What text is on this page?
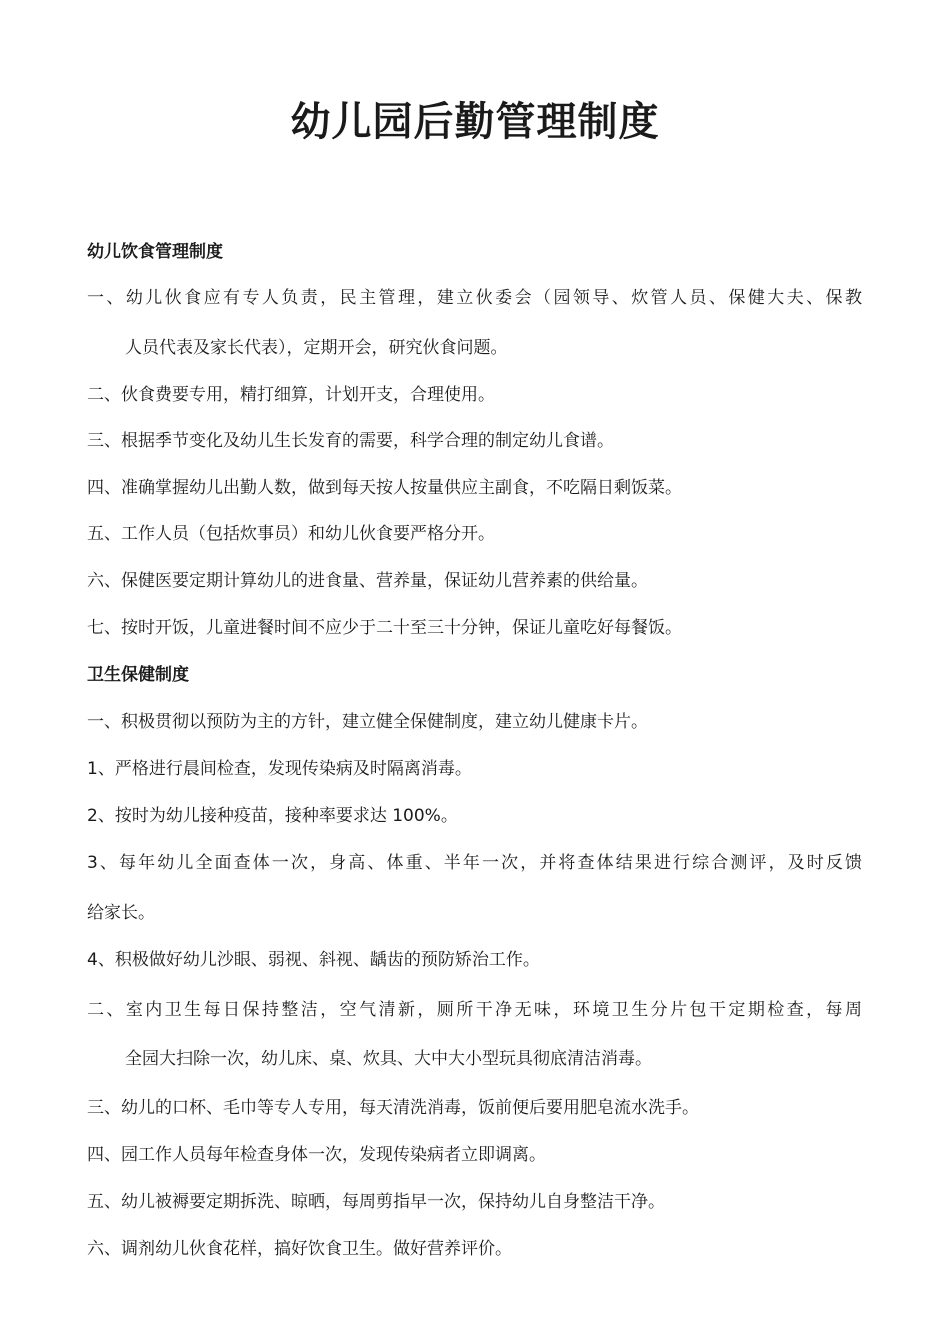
幼儿园后勤管理制度

幼儿饮食管理制度

一、幼儿伙食应有专人负责，民主管理，建立伙委会（园领导、炊管人员、保健大夫、保教

人员代表及家长代表），定期开会，研究伙食问题。

二、伙食费要专用，精打细算，计划开支，合理使用。

三、根据季节变化及幼儿生长发育的需要，科学合理的制定幼儿食谱。

四、准确掌握幼儿出勤人数，做到每天按人按量供应主副食，不吃隔日剩饭菜。

五、工作人员（包括炊事员）和幼儿伙食要严格分开。

六、保健医要定期计算幼儿的进食量、营养量，保证幼儿营养素的供给量。

七、按时开饭，儿童进餐时间不应少于二十至三十分钟，保证儿童吃好每餐饭。

卫生保健制度

一、积极贯彻以预防为主的方针，建立健全保健制度，建立幼儿健康卡片。

1、严格进行晨间检查，发现传染病及时隔离消毒。

2、按时为幼儿接种疫苗，接种率要求达 100%。

3、每年幼儿全面查体一次，身高、体重、半年一次，并将查体结果进行综合测评，及时反馈

给家长。

4、积极做好幼儿沙眼、弱视、斜视、龋齿的预防矫治工作。

二、室内卫生每日保持整洁，空气清新，厕所干净无味，环境卫生分片包干定期检查，每周

全园大扫除一次，幼儿床、桌、炊具、大中大小型玩具彻底清洁消毒。

三、幼儿的口杯、毛巾等专人专用，每天清洗消毒，饭前便后要用肥皂流水洗手。

四、园工作人员每年检查身体一次，发现传染病者立即调离。

五、幼儿被褥要定期拆洗、晾晒，每周剪指早一次，保持幼儿自身整洁干净。

六、调剂幼儿伙食花样，搞好饮食卫生。做好营养评价。
